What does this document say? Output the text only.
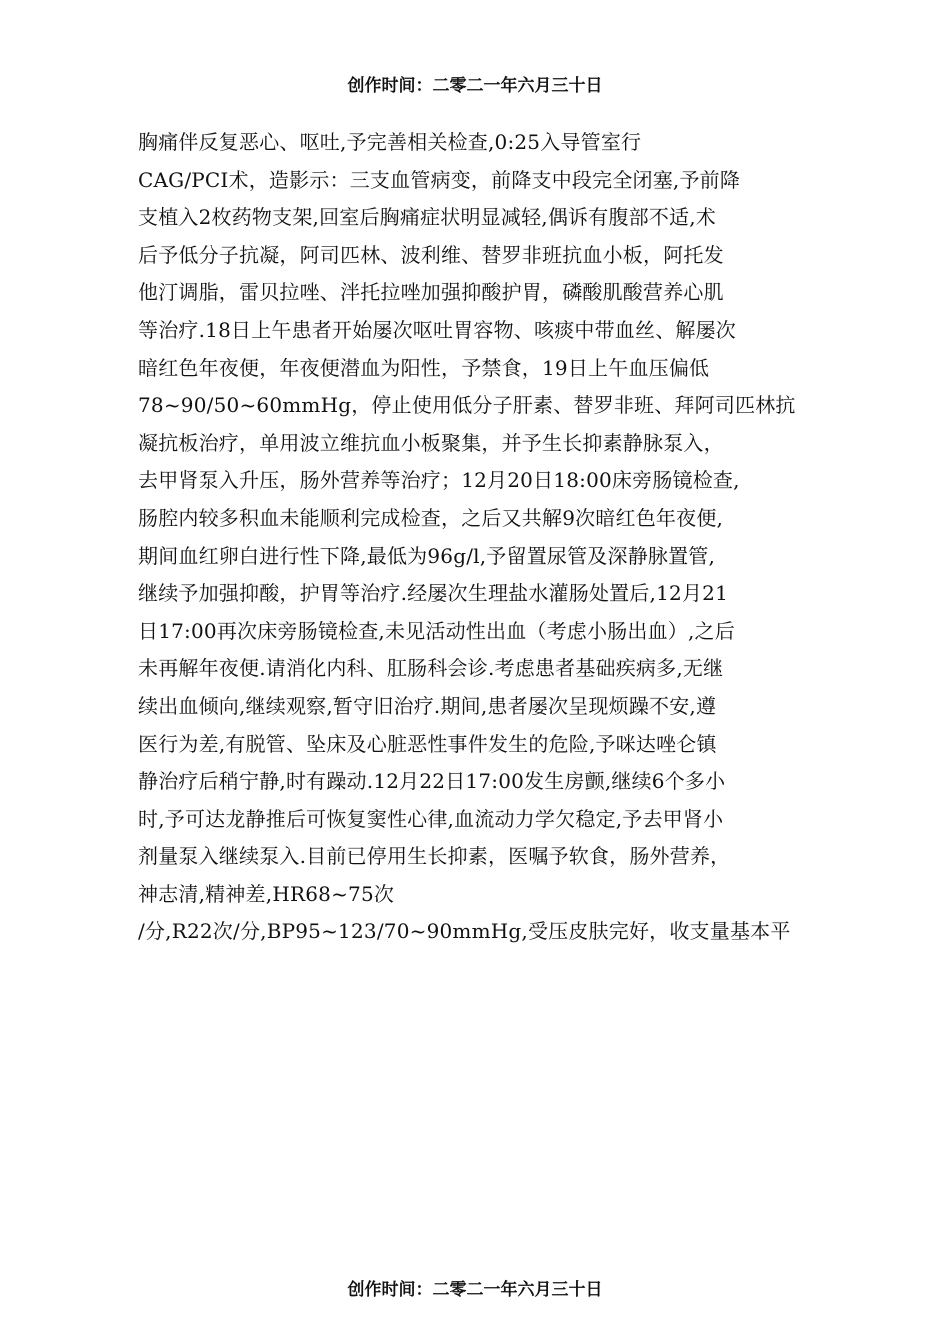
创作时间：二零二一年六月三十日
胸痛伴反复恶心、呕吐,予完善相关检查,0:25入导管室行
CAG/PCI术，造影示：三支血管病变，前降支中段完全闭塞,予前降
支植入2枚药物支架,回室后胸痛症状明显减轻,偶诉有腹部不适,术
后予低分子抗凝，阿司匹林、波利维、替罗非班抗血小板，阿托发
他汀调脂，雷贝拉唑、泮托拉唑加强抑酸护胃，磷酸肌酸营养心肌
等治疗.18日上午患者开始屡次呕吐胃容物、咳痰中带血丝、解屡次
暗红色年夜便，年夜便潜血为阳性，予禁食，19日上午血压偏低
78~90/50~60mmHg，停止使用低分子肝素、替罗非班、拜阿司匹林抗
凝抗板治疗，单用波立维抗血小板聚集，并予生长抑素静脉泵入，
去甲肾泵入升压，肠外营养等治疗；12月20日18:00床旁肠镜检查,
肠腔内较多积血未能顺利完成检查，之后又共解9次暗红色年夜便,
期间血红卵白进行性下降,最低为96g/l,予留置尿管及深静脉置管,
继续予加强抑酸，护胃等治疗.经屡次生理盐水灌肠处置后,12月21
日17:00再次床旁肠镜检查,未见活动性出血（考虑小肠出血）,之后
未再解年夜便.请消化内科、肛肠科会诊.考虑患者基础疾病多,无继
续出血倾向,继续观察,暂守旧治疗.期间,患者屡次呈现烦躁不安,遵
医行为差,有脱管、坠床及心脏恶性事件发生的危险,予咪达唑仑镇
静治疗后稍宁静,时有躁动.12月22日17:00发生房颤,继续6个多小
时,予可达龙静推后可恢复窦性心律,血流动力学欠稳定,予去甲肾小
剂量泵入继续泵入.目前已停用生长抑素，医嘱予软食，肠外营养，
神志清,精神差,HR68~75次
/分,R22次/分,BP95~123/70~90mmHg,受压皮肤完好，收支量基本平
创作时间：二零二一年六月三十日
